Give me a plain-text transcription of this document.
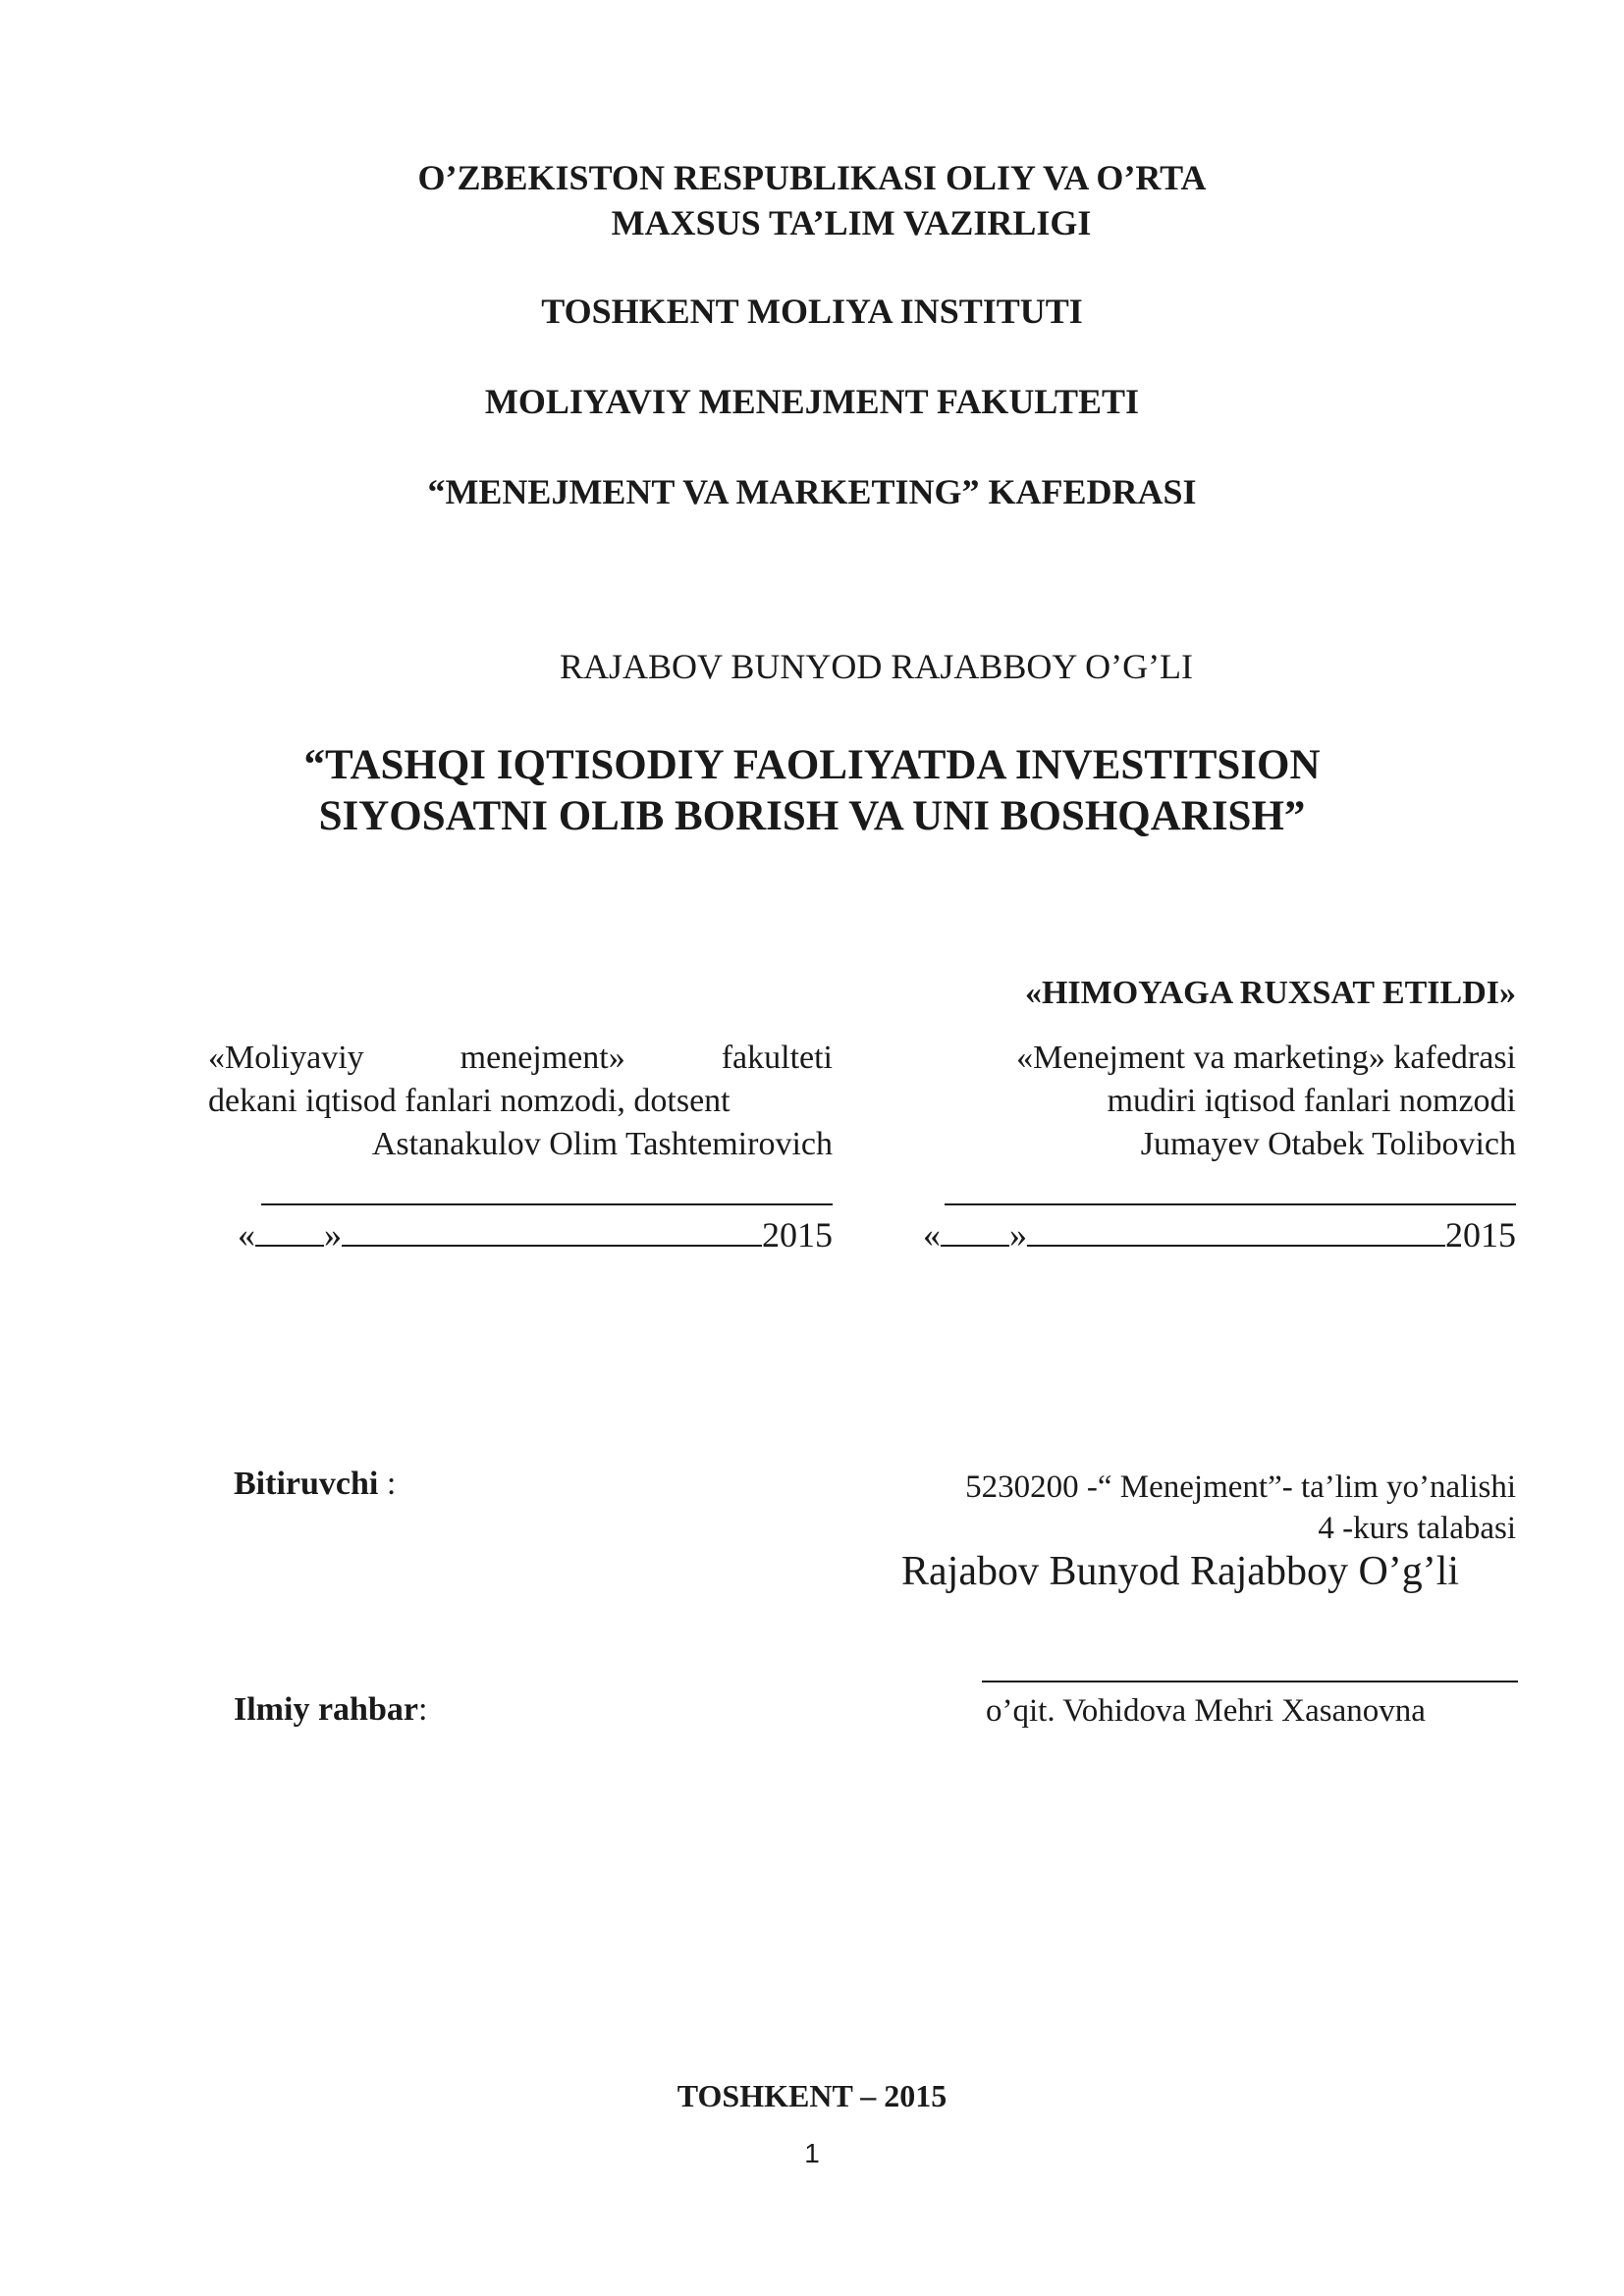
O’ZBEKISTON RESPUBLIKASI OLIY VA O’RTA
MAXSUS TA’LIM VAZIRLIGI
TOSHKENT MOLIYA INSTITUTI
MOLIYAVIY MENEJMENT FAKULTETI
“MENEJMENT VA MARKETING” KAFEDRASI
RAJABOV BUNYOD RAJABBOY O’G’LI
“TASHQI IQTISODIY FAOLIYATDA INVESTITSION
SIYOSATNI OLIB BORISH VA UNI BOSHQARISH”
«HIMOYAGA RUXSAT ETILDI»
«Moliyaviy	menejment»	fakulteti
dekani iqtisod fanlari nomzodi, dotsent
Astanakulov Olim Tashtemirovich
« »	2015
«Menejment va marketing» kafedrasi
mudiri iqtisod fanlari nomzodi
Jumayev Otabek Tolibovich
« »	2015
Bitiruvchi :	5230200 -“ Menejment”- ta’lim yo’nalishi
4 -kurs talabasi
Rajabov Bunyod Rajabboy O’g’li
Ilmiy rahbar:	o’qit. Vohidova Mehri Xasanovna
TOSHKENT – 2015
1
